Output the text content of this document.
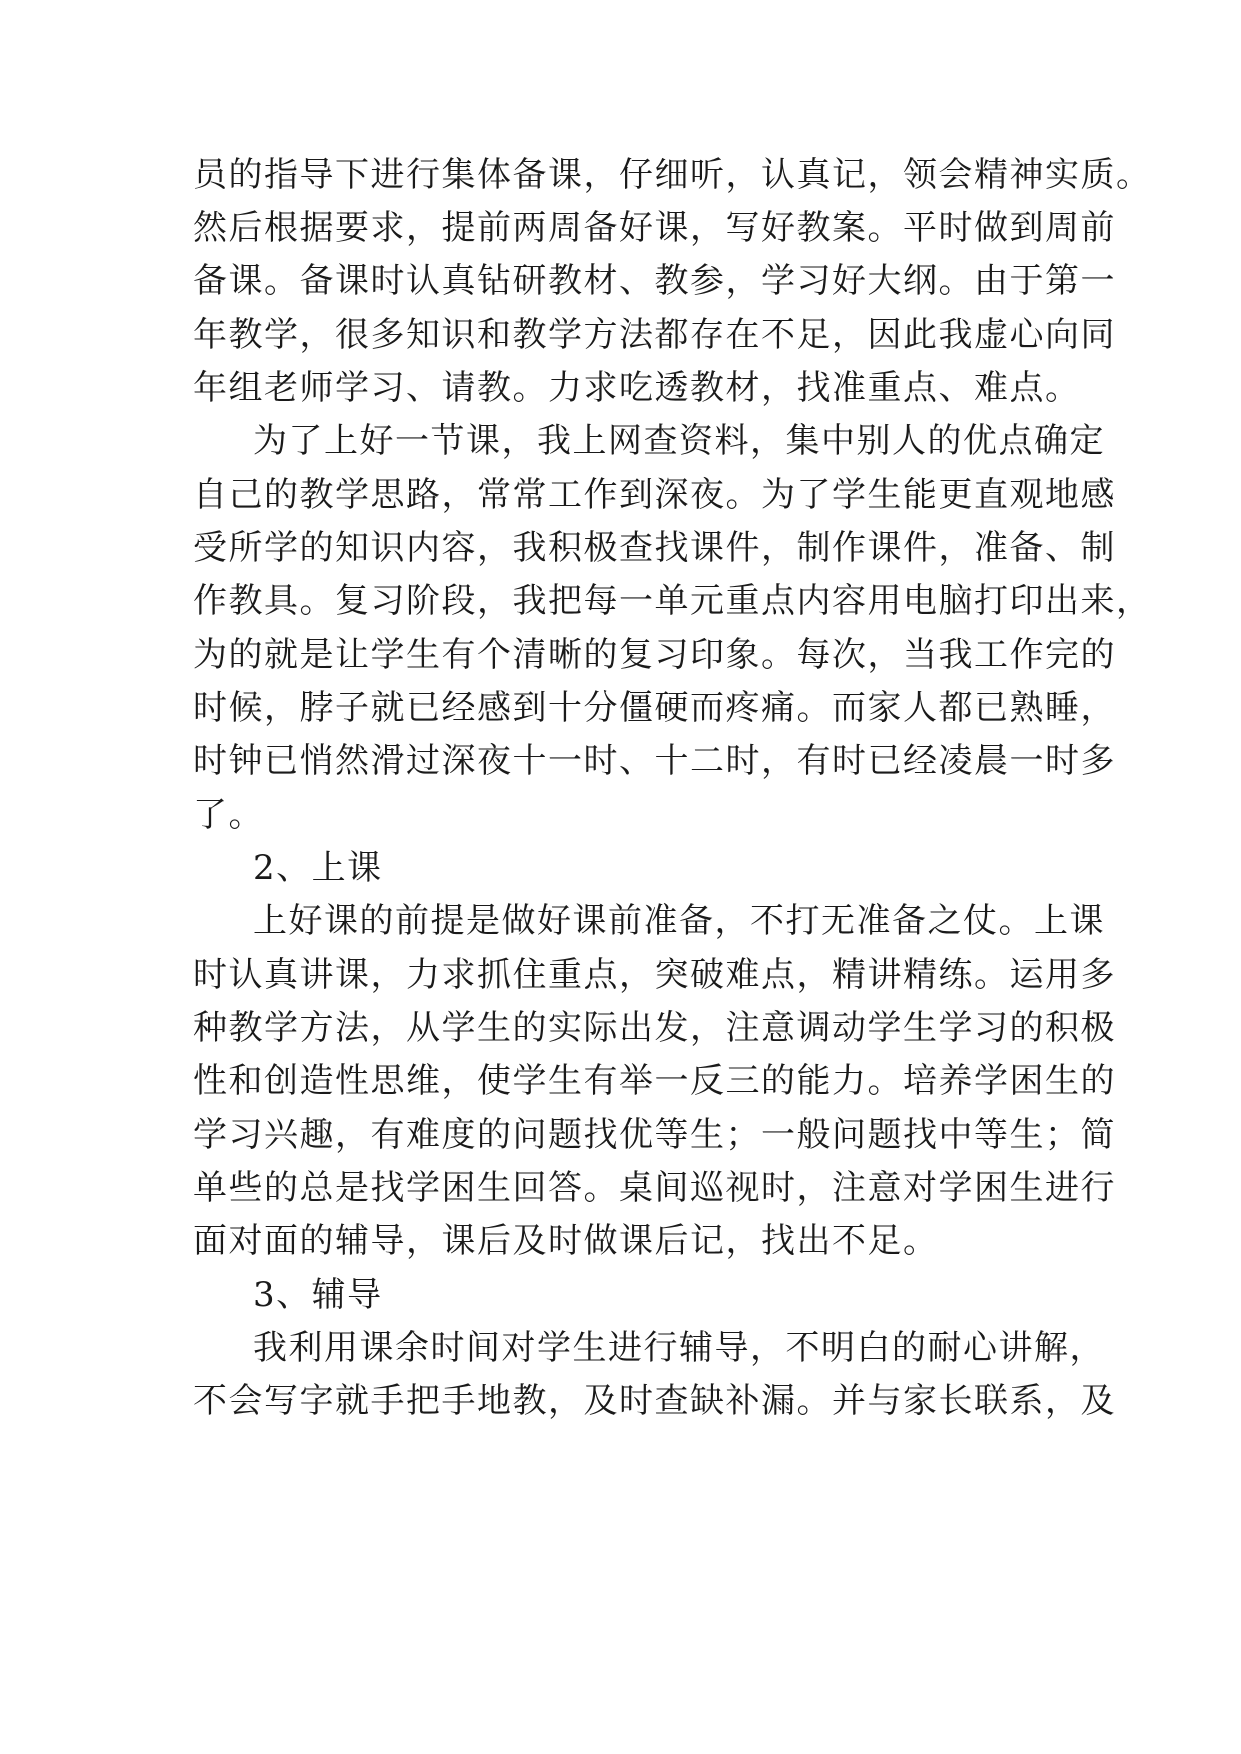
员的指导下进行集体备课，仔细听，认真记，领会精神实质。
然后根据要求，提前两周备好课，写好教案。平时做到周前
备课。备课时认真钻研教材、教参，学习好大纲。由于第一
年教学，很多知识和教学方法都存在不足，因此我虚心向同
年组老师学习、请教。力求吃透教材，找准重点、难点。
为了上好一节课，我上网查资料，集中别人的优点确定
自己的教学思路，常常工作到深夜。为了学生能更直观地感
受所学的知识内容，我积极查找课件，制作课件，准备、制
作教具。复习阶段，我把每一单元重点内容用电脑打印出来，
为的就是让学生有个清晰的复习印象。每次，当我工作完的
时候，脖子就已经感到十分僵硬而疼痛。而家人都已熟睡，
时钟已悄然滑过深夜十一时、十二时，有时已经凌晨一时多
了。
2、上课
上好课的前提是做好课前准备，不打无准备之仗。上课
时认真讲课，力求抓住重点，突破难点，精讲精练。运用多
种教学方法，从学生的实际出发，注意调动学生学习的积极
性和创造性思维，使学生有举一反三的能力。培养学困生的
学习兴趣，有难度的问题找优等生；一般问题找中等生；简
单些的总是找学困生回答。桌间巡视时，注意对学困生进行
面对面的辅导，课后及时做课后记，找出不足。
3、辅导
我利用课余时间对学生进行辅导，不明白的耐心讲解，
不会写字就手把手地教，及时查缺补漏。并与家长联系，及
